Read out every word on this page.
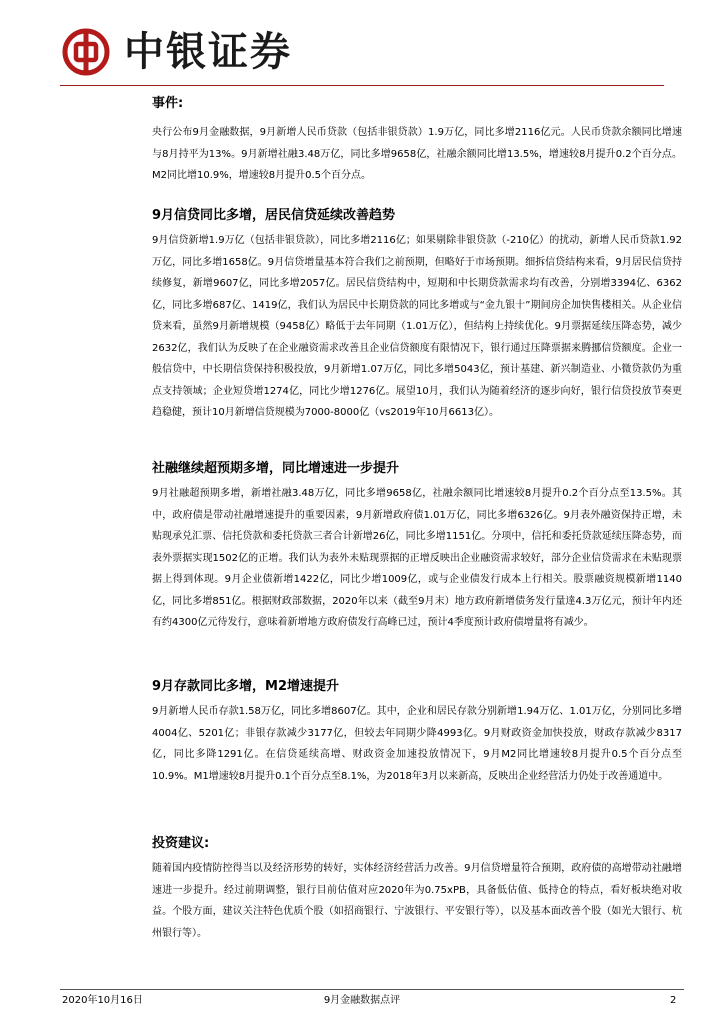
中银证券
事件:

央行公布9月金融数据，9月新增人民币贷款（包括非银贷款）1.9万亿，同比多增2116亿元。人民币贷款余额同比增速与8月持平为13%。9月新增社融3.48万亿，同比多增9658亿，社融余额同比增13.5%，增速较8月提升0.2个百分点。M2同比增10.9%，增速较8月提升0.5个百分点。

9月信贷同比多增，居民信贷延续改善趋势

9月信贷新增1.9万亿（包括非银贷款），同比多增2116亿；如果剔除非银贷款（-210亿）的扰动，新增人民币贷款1.92万亿，同比多增1658亿。9月信贷增量基本符合我们之前预期，但略好于市场预期。细拆信贷结构来看，9月居民信贷持续修复，新增9607亿，同比多增2057亿。居民信贷结构中，短期和中长期贷款需求均有改善，分别增3394亿、6362亿，同比多增687亿、1419亿，我们认为居民中长期贷款的同比多增或与“金九银十”期间房企加快售楼相关。从企业信贷来看，虽然9月新增规模（9458亿）略低于去年同期（1.01万亿），但结构上持续优化。9月票据延续压降态势，减少2632亿，我们认为反映了在企业融资需求改善且企业信贷额度有限情况下，银行通过压降票据来腾挪信贷额度。企业一般信贷中，中长期信贷保持积极投放，9月新增1.07万亿，同比多增5043亿，预计基建、新兴制造业、小微贷款仍为重点支持领域；企业短贷增1274亿，同比少增1276亿。展望10月，我们认为随着经济的逐步向好，银行信贷投放节奏更趋稳健，预计10月新增信贷规模为7000-8000亿（vs2019年10月6613亿）。

社融继续超预期多增，同比增速进一步提升

9月社融超预期多增，新增社融3.48万亿，同比多增9658亿，社融余额同比增速较8月提升0.2个百分点至13.5%。其中，政府债是带动社融增速提升的重要因素，9月新增政府债1.01万亿，同比多增6326亿。9月表外融资保持正增，未贴现承兑汇票、信托贷款和委托贷款三者合计新增26亿，同比多增1151亿。分项中，信托和委托贷款延续压降态势，而表外票据实现1502亿的正增。我们认为表外未贴现票据的正增反映出企业融资需求较好，部分企业信贷需求在未贴现票据上得到体现。9月企业债新增1422亿，同比少增1009亿，或与企业债发行成本上行相关。股票融资规模新增1140亿，同比多增851亿。根据财政部数据，2020年以来（截至9月末）地方政府新增债务发行量達4.3万亿元，预计年内还有约4300亿元待发行，意味着新增地方政府债发行高峰已过，预计4季度预计政府债增量将有减少。

9月存款同比多增，M2增速提升

9月新增人民币存款1.58万亿，同比多增8607亿。其中，企业和居民存款分别新增1.94万亿、1.01万亿，分别同比多增4004亿、5201亿；非银存款减少3177亿，但较去年同期少降4993亿。9月财政资金加快投放，财政存款减少8317亿，同比多降1291亿。在信贷延续高增、财政资金加速投放情况下，9月M2同比增速较8月提升0.5个百分点至10.9%。M1增速较8月提升0.1个百分点至8.1%，为2018年3月以来新高，反映出企业经营活力仍处于改善通道中。

投资建议:

随着国内疫情防控得当以及经济形势的转好，实体经济经营活力改善。9月信贷增量符合预期，政府债的高增带动社融增速进一步提升。经过前期调整，银行目前估值对应2020年为0.75xPB，具备低估值、低持仓的特点，看好板块绝对收益。个股方面，建议关注特色优质个股（如招商银行、宁波银行、平安银行等），以及基本面改善个股（如光大银行、杭州银行等）。

2020年10月16日	9月金融数据点评	2
